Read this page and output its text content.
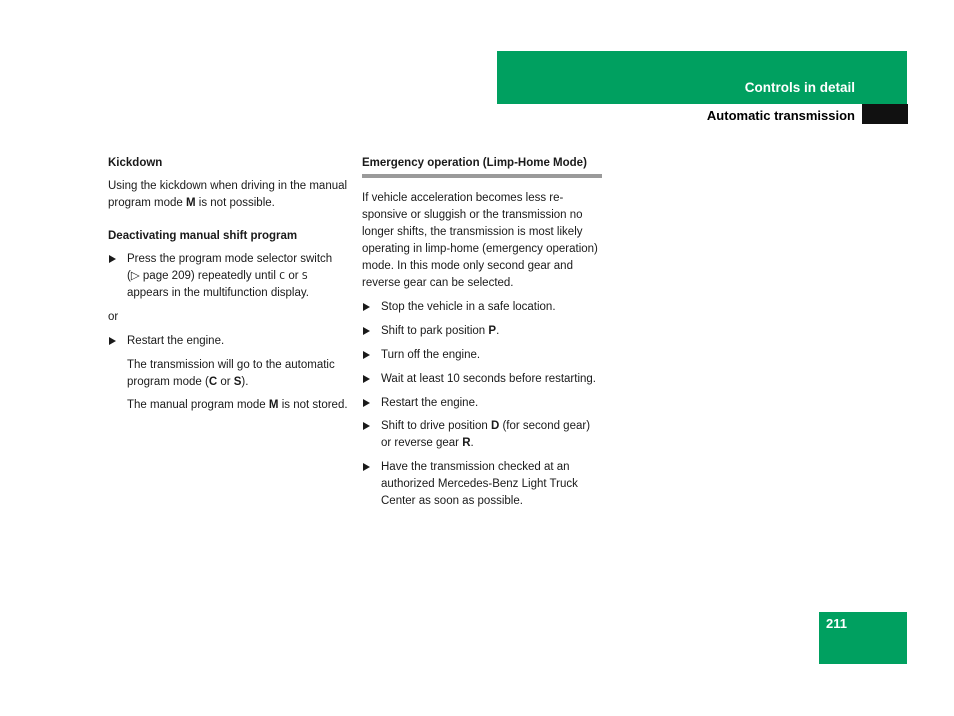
Controls in detail
Automatic transmission

Kickdown

Using the kickdown when driving in the manual program mode M is not possible.

Deactivating manual shift program

Press the program mode selector switch (▷ page 209) repeatedly until C or S appears in the multifunction display.

or

Restart the engine.

The transmission will go to the automatic program mode (C or S).

The manual program mode M is not stored.

Emergency operation (Limp-Home Mode)

If vehicle acceleration becomes less re-sponsive or sluggish or the transmission no longer shifts, the transmission is most likely operating in limp-home (emergency operation) mode. In this mode only second gear and reverse gear can be selected.

Stop the vehicle in a safe location.
Shift to park position P.
Turn off the engine.
Wait at least 10 seconds before restarting.
Restart the engine.
Shift to drive position D (for second gear) or reverse gear R.
Have the transmission checked at an authorized Mercedes-Benz Light Truck Center as soon as possible.
211
